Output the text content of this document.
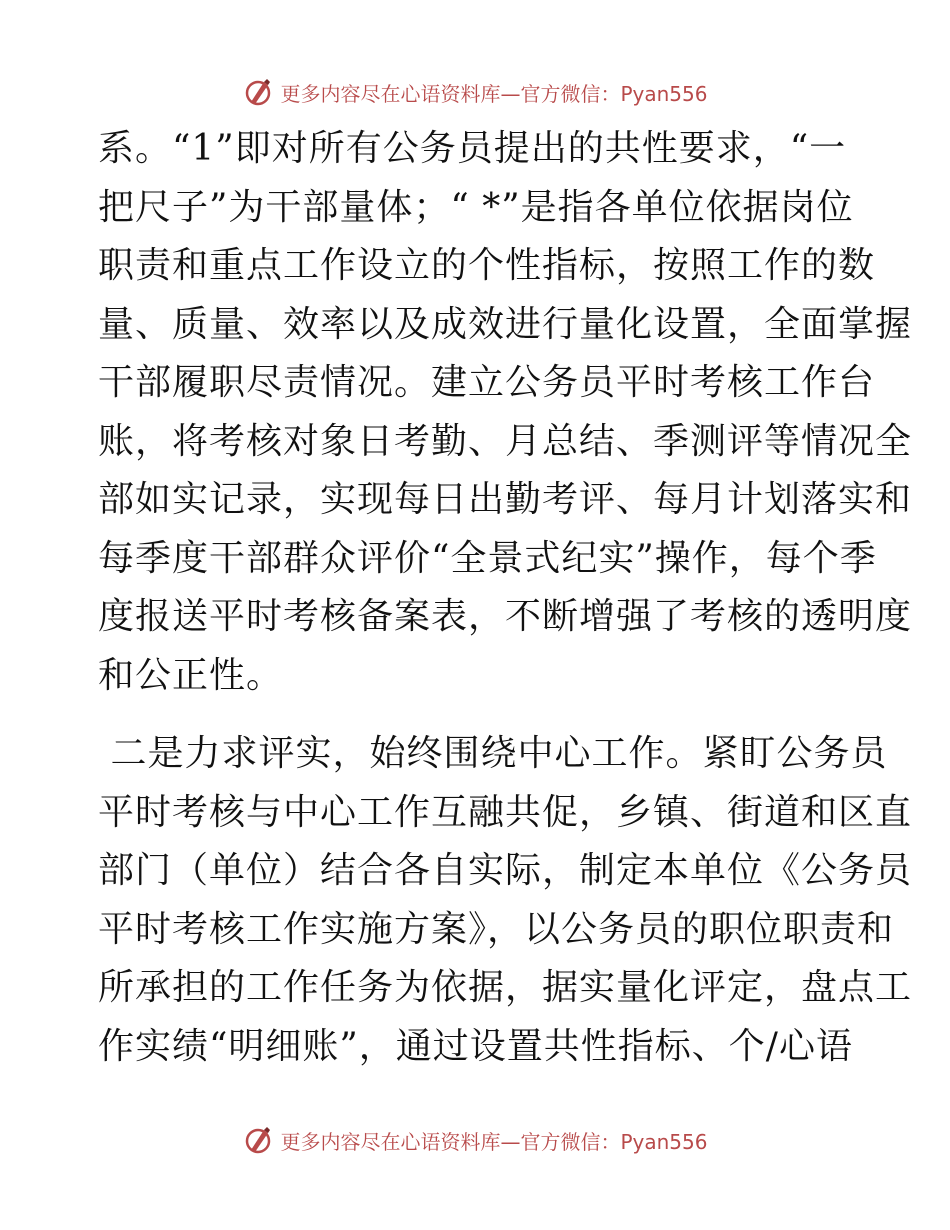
更多内容尽在心语资料库—官方微信：Pyan556
系。“1”即对所有公务员提出的共性要求，“一
把尺子”为干部量体；“ *”是指各单位依据岗位
职责和重点工作设立的个性指标，按照工作的数
量、质量、效率以及成效进行量化设置，全面掌握
干部履职尽责情况。建立公务员平时考核工作台
账，将考核对象日考勤、月总结、季测评等情况全
部如实记录，实现每日出勤考评、每月计划落实和
每季度干部群众评价“全景式纪实”操作，每个季
度报送平时考核备案表，不断增强了考核的透明度
和公正性。
二是力求评实，始终围绕中心工作。紧盯公务员
平时考核与中心工作互融共促，乡镇、街道和区直
部门（单位）结合各自实际，制定本单位《公务员
平时考核工作实施方案》，以公务员的职位职责和
所承担的工作任务为依据，据实量化评定，盘点工
作实绩“明细账”，通过设置共性指标、个/心语
更多内容尽在心语资料库—官方微信：Pyan556
